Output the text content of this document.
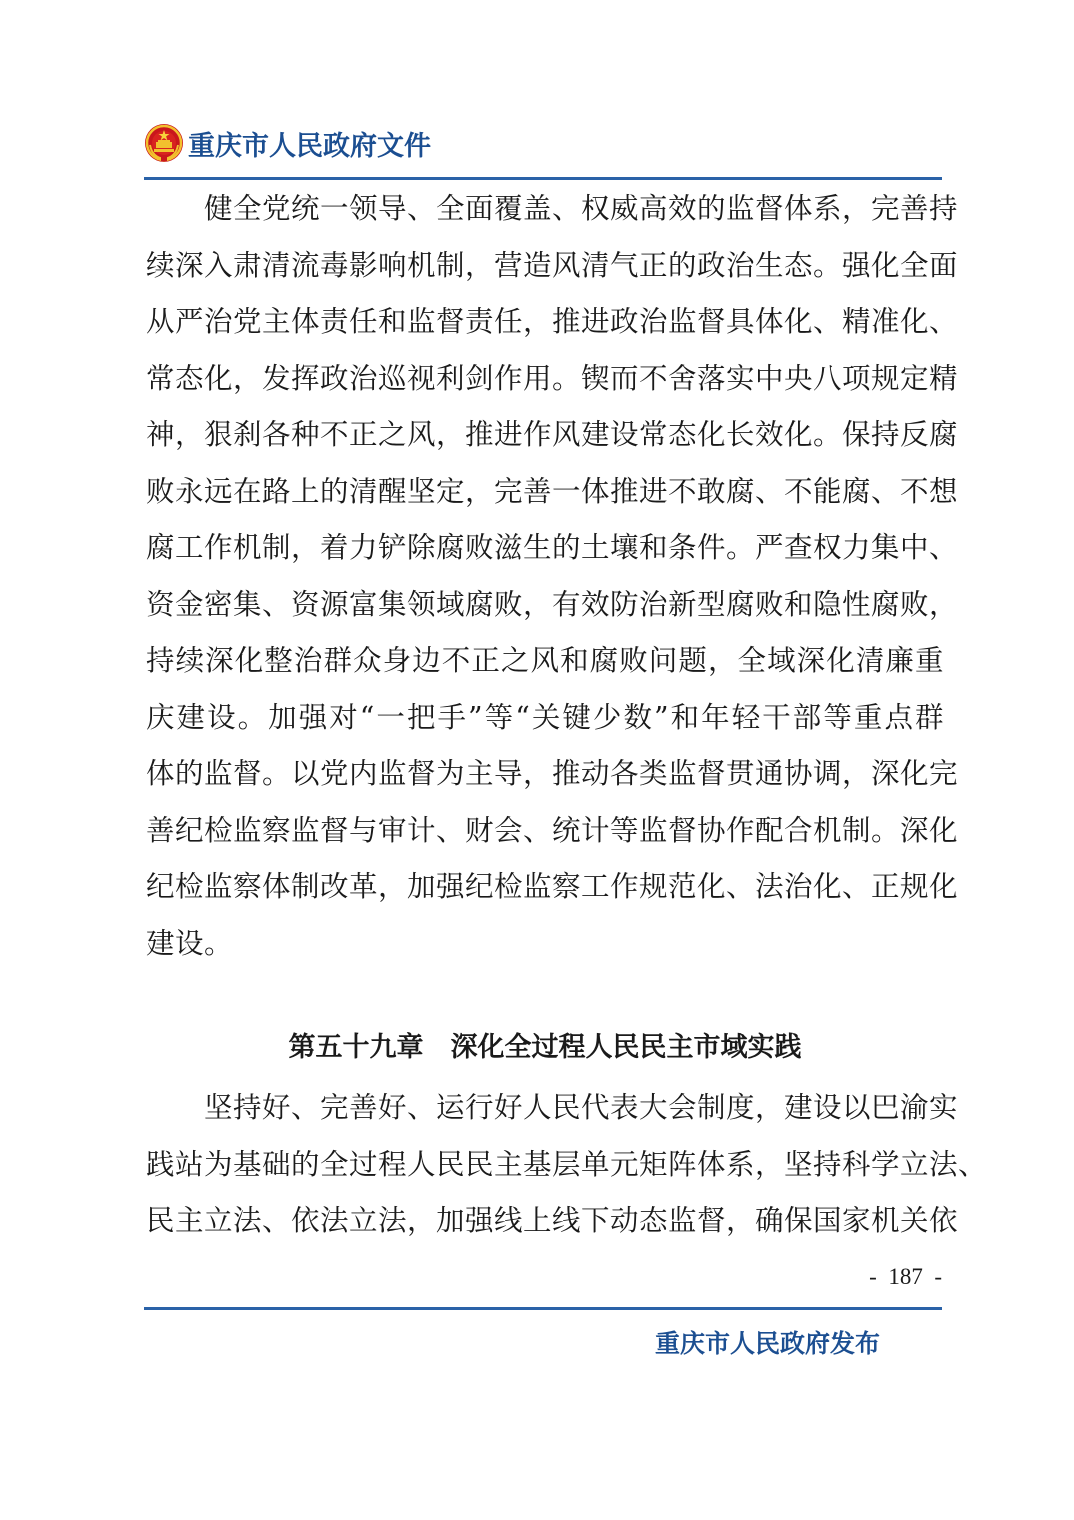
重庆市人民政府文件
健全党统一领导、全面覆盖、权威高效的监督体系，完善持
续深入肃清流毒影响机制，营造风清气正的政治生态。强化全面
从严治党主体责任和监督责任，推进政治监督具体化、精准化、
常态化，发挥政治巡视利剑作用。锲而不舍落实中央八项规定精
神，狠刹各种不正之风，推进作风建设常态化长效化。保持反腐
败永远在路上的清醒坚定，完善一体推进不敢腐、不能腐、不想
腐工作机制，着力铲除腐败滋生的土壤和条件。严查权力集中、
资金密集、资源富集领域腐败，有效防治新型腐败和隐性腐败，
持续深化整治群众身边不正之风和腐败问题，全域深化清廉重
庆建设。加强对“一把手”等“关键少数”和年轻干部等重点群
体的监督。以党内监督为主导，推动各类监督贯通协调，深化完
善纪检监察监督与审计、财会、统计等监督协作配合机制。深化
纪检监察体制改革，加强纪检监察工作规范化、法治化、正规化
建设。
第五十九章　深化全过程人民民主市域实践
坚持好、完善好、运行好人民代表大会制度，建设以巴渝实
践站为基础的全过程人民民主基层单元矩阵体系，坚持科学立法、
民主立法、依法立法，加强线上线下动态监督，确保国家机关依
-  187  -
重庆市人民政府发布
